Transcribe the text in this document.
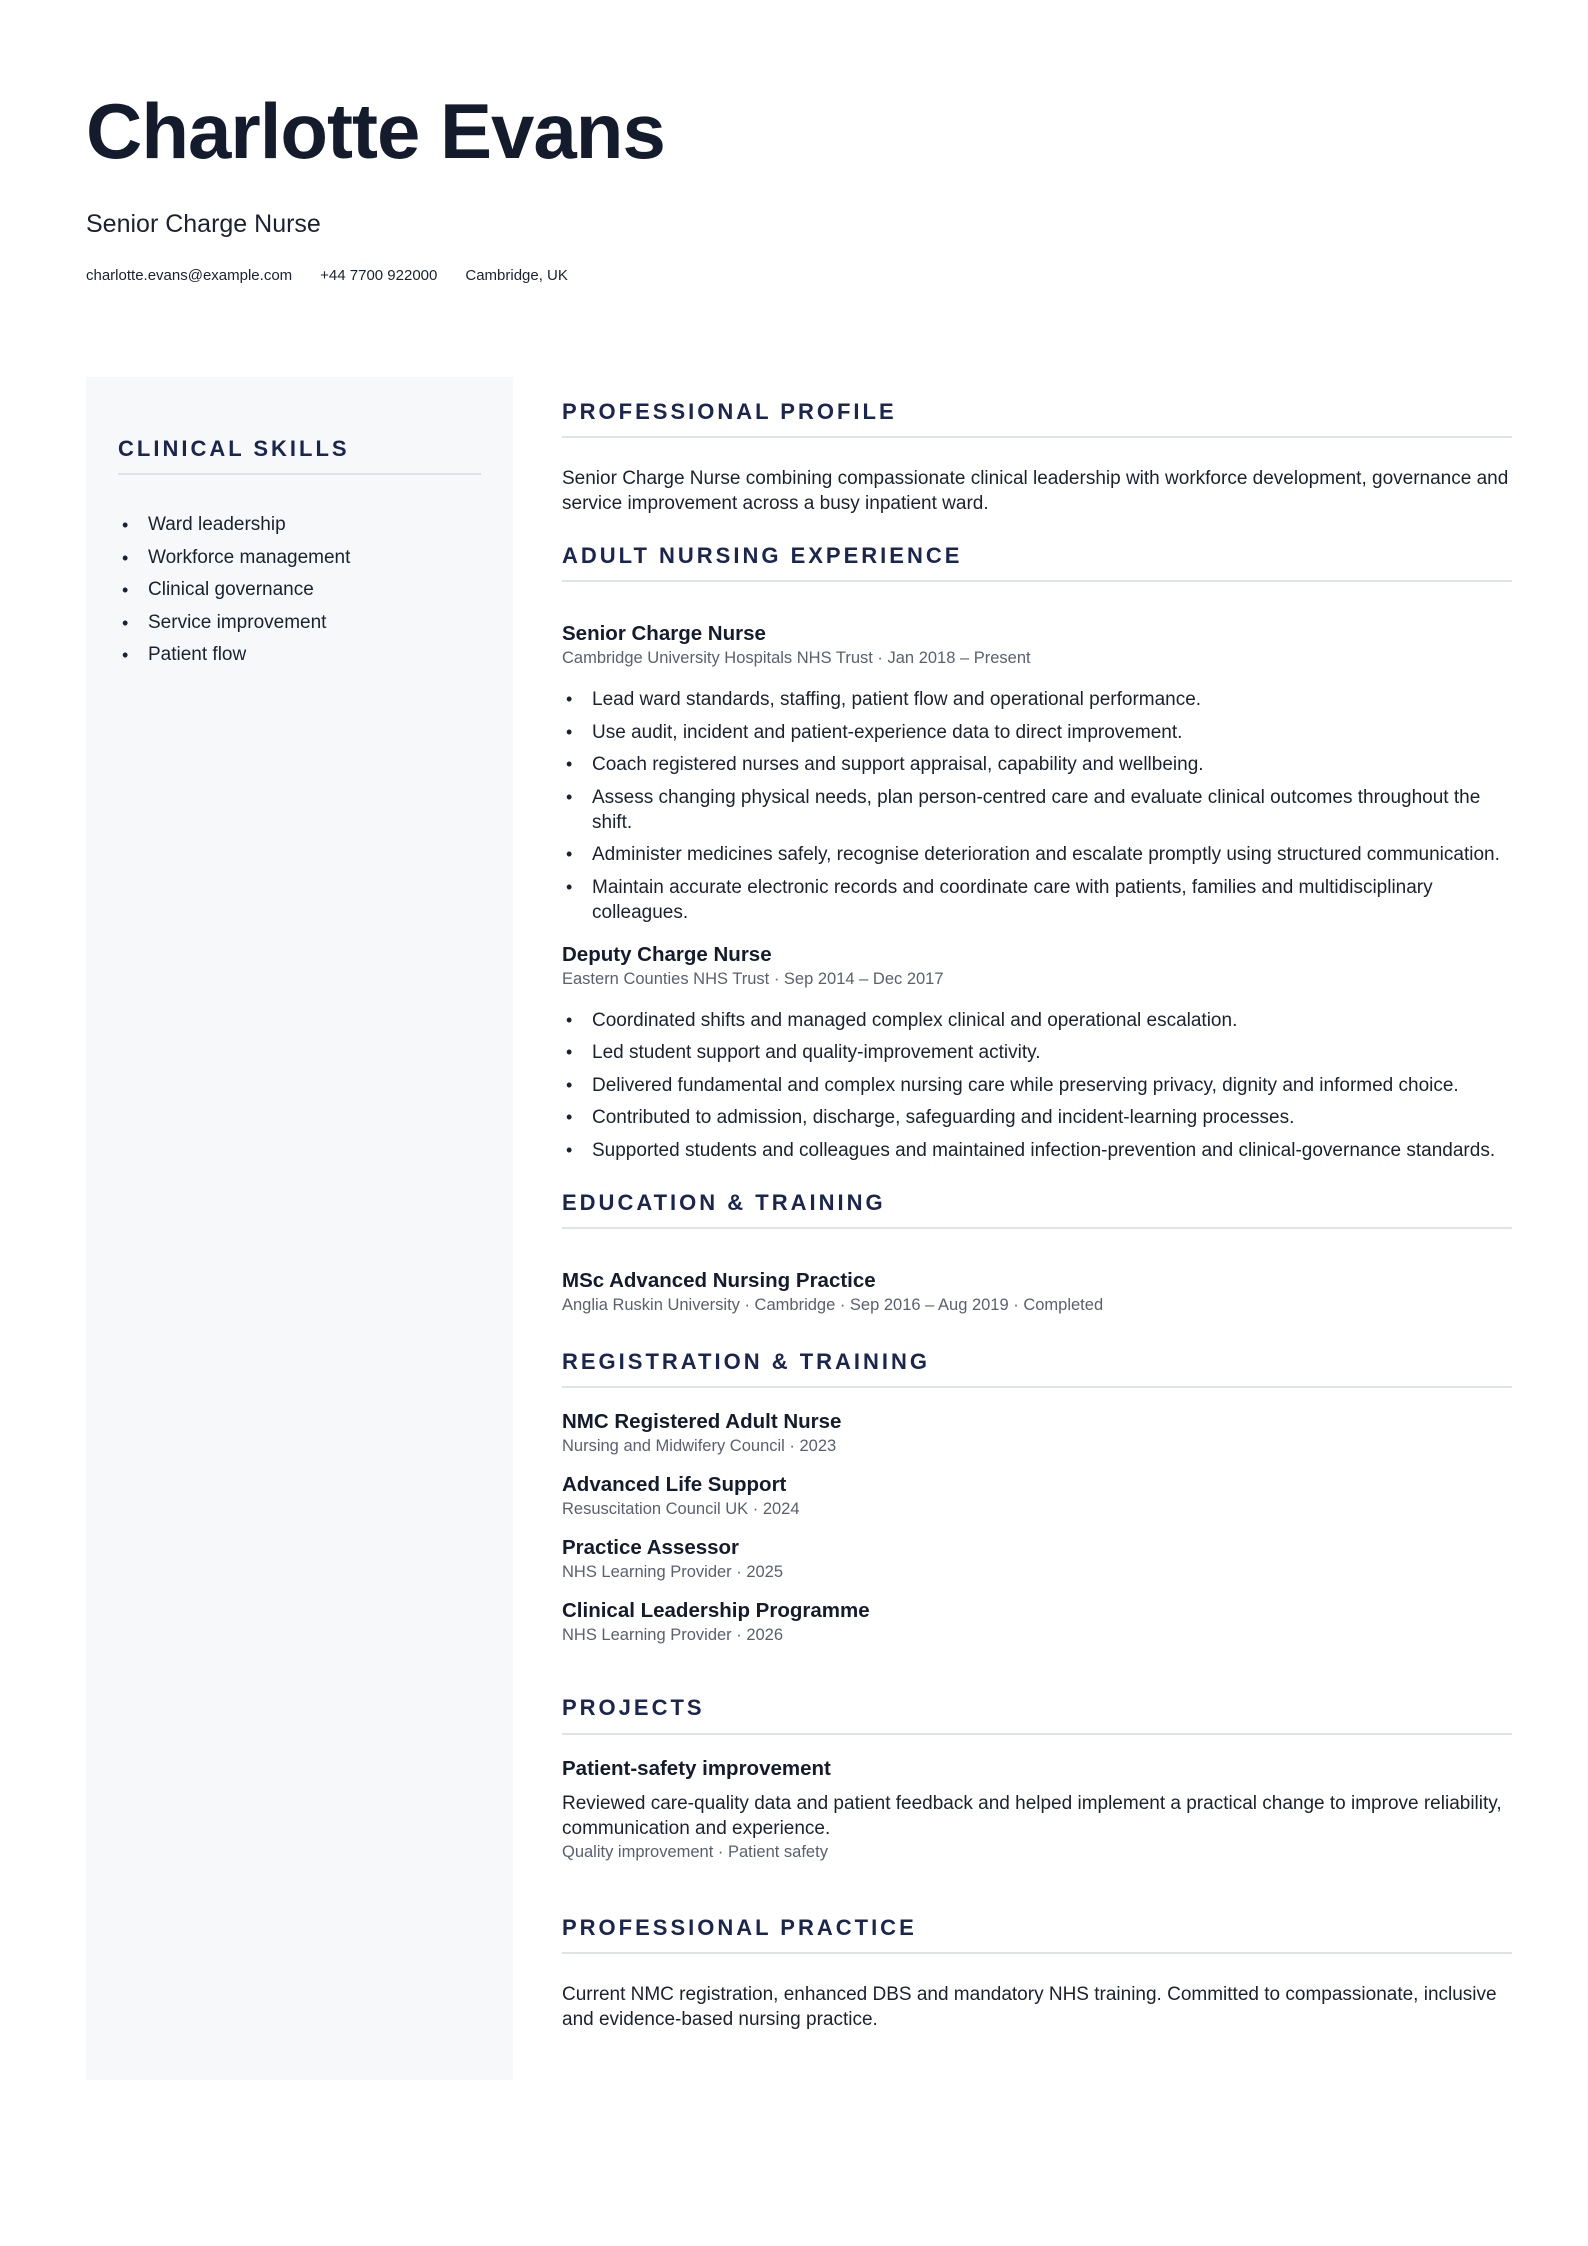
Charlotte Evans
Senior Charge Nurse
charlotte.evans@example.com +44 7700 922000 Cambridge, UK
CLINICAL SKILLS
• Ward leadership
• Workforce management
• Clinical governance
• Service improvement
• Patient flow
PROFESSIONAL PROFILE

Senior Charge Nurse combining compassionate clinical leadership with workforce development, governance and service improvement across a busy inpatient ward.

ADULT NURSING EXPERIENCE
Senior Charge Nurse
Cambridge University Hospitals NHS Trust · Jan 2018 – Present
• Lead ward standards, staffing, patient flow and operational performance.
• Use audit, incident and patient-experience data to direct improvement.
• Coach registered nurses and support appraisal, capability and wellbeing.
• Assess changing physical needs, plan person-centred care and evaluate clinical outcomes throughout the shift.
• Administer medicines safely, recognise deterioration and escalate promptly using structured communication.
• Maintain accurate electronic records and coordinate care with patients, families and multidisciplinary colleagues.
Deputy Charge Nurse
Eastern Counties NHS Trust · Sep 2014 – Dec 2017
• Coordinated shifts and managed complex clinical and operational escalation.
• Led student support and quality-improvement activity.
• Delivered fundamental and complex nursing care while preserving privacy, dignity and informed choice.
• Contributed to admission, discharge, safeguarding and incident-learning processes.
• Supported students and colleagues and maintained infection-prevention and clinical-governance standards.
EDUCATION & TRAINING
MSc Advanced Nursing Practice
Anglia Ruskin University · Cambridge · Sep 2016 – Aug 2019 · Completed
REGISTRATION & TRAINING
NMC Registered Adult Nurse
Nursing and Midwifery Council · 2023
Advanced Life Support
Resuscitation Council UK · 2024
Practice Assessor
NHS Learning Provider · 2025
Clinical Leadership Programme
NHS Learning Provider · 2026
PROJECTS
Patient-safety improvement

Reviewed care-quality data and patient feedback and helped implement a practical change to improve reliability, communication and experience.

Quality improvement · Patient safety
PROFESSIONAL PRACTICE

Current NMC registration, enhanced DBS and mandatory NHS training. Committed to compassionate, inclusive and evidence-based nursing practice.
